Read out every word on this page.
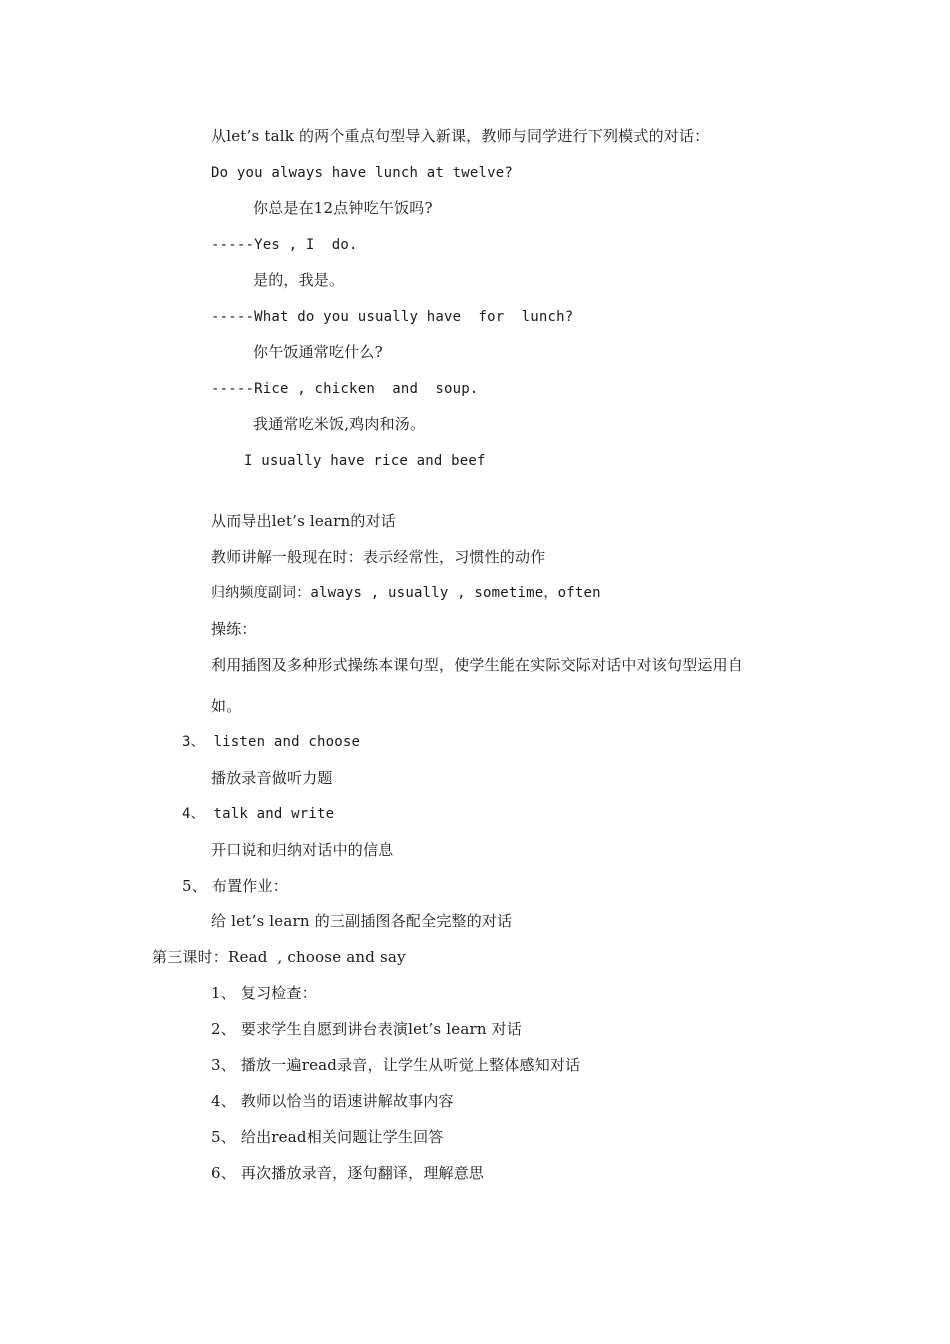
从let’s talk 的两个重点句型导入新课，教师与同学进行下列模式的对话：
Do you always have lunch at twelve?
你总是在12点钟吃午饭吗?
-----Yes , I  do.
是的，我是。
-----What do you usually have  for  lunch?
你午饭通常吃什么?
-----Rice , chicken  and  soup.
我通常吃米饭,鸡肉和汤。
I usually have rice and beef
从而导出let’s learn的对话
教师讲解一般现在时：表示经常性，习惯性的动作
归纳频度副词：always , usually , sometime，often
操练：
利用插图及多种形式操练本课句型，使学生能在实际交际对话中对该句型运用自
如。
3、 listen and choose
播放录音做听力题
4、 talk and write
开口说和归纳对话中的信息
5、 布置作业：
给 let’s learn 的三副插图各配全完整的对话
第三课时：Read  , choose and say
1、 复习检查：
2、 要求学生自愿到讲台表演let’s learn 对话
3、 播放一遍read录音，让学生从听觉上整体感知对话
4、 教师以恰当的语速讲解故事内容
5、 给出read相关问题让学生回答
6、 再次播放录音，逐句翻译，理解意思
